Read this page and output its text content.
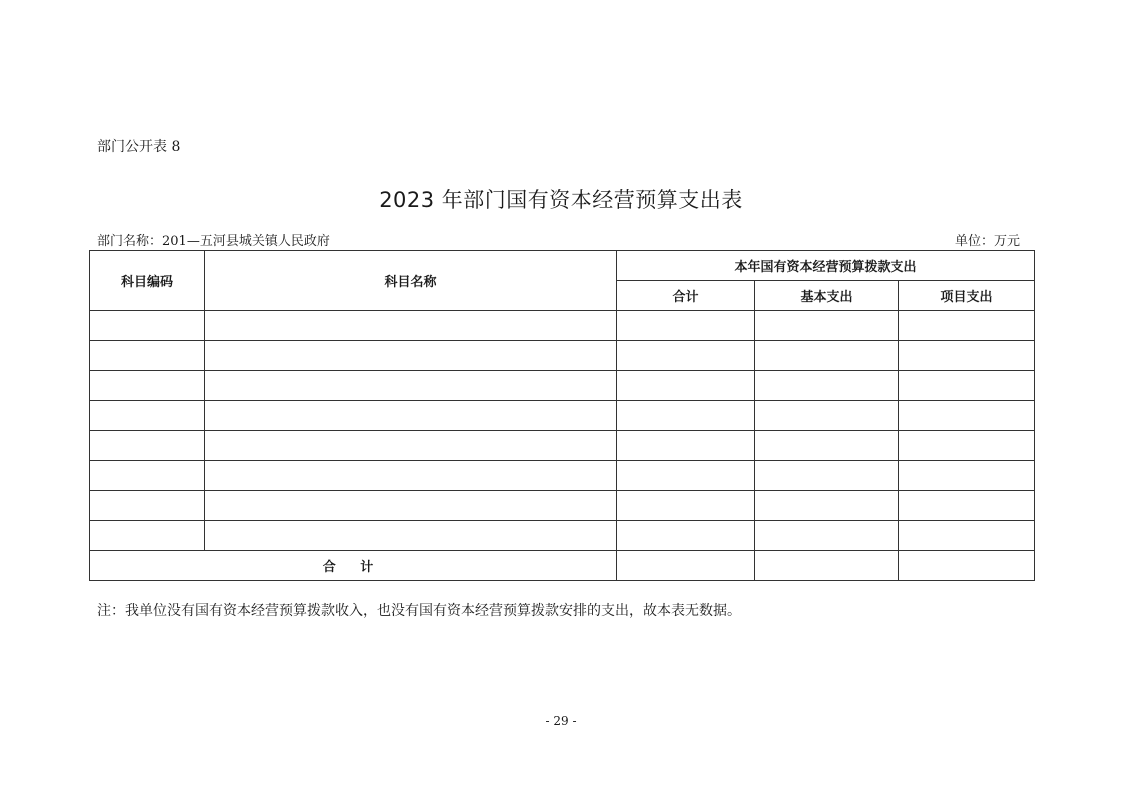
部门公开表 8
2023 年部门国有资本经营预算支出表
部门名称：201—五河县城关镇人民政府	单位：万元
科目编码	科目名称	本年国有资本经营预算拨款支出		
		合计	基本支出	项目支出

合 计				
注：我单位没有国有资本经营预算拨款收入，也没有国有资本经营预算拨款安排的支出，故本表无数据。
- 29 -
